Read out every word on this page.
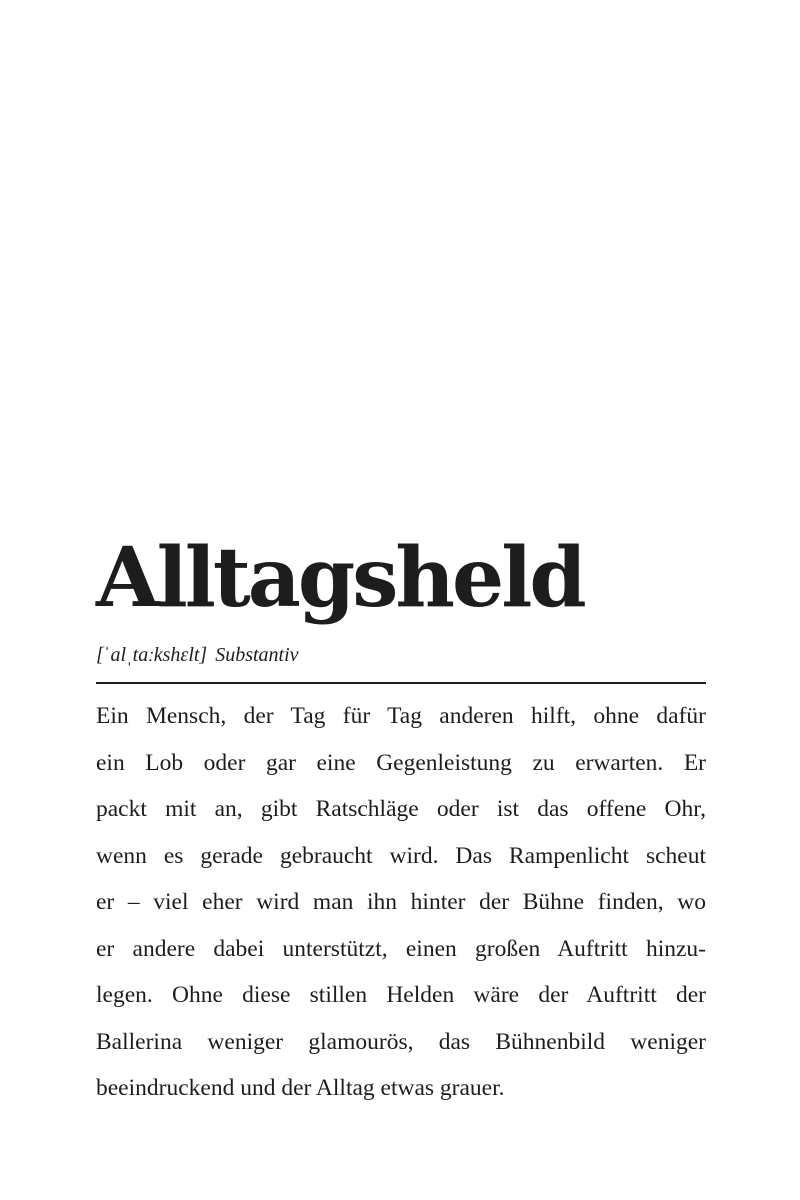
Alltagsheld
[ˈalˌtaːkshɛlt] Substantiv
Ein Mensch, der Tag für Tag anderen hilft, ohne dafür
ein Lob oder gar eine Gegenleistung zu erwarten. Er
packt mit an, gibt Ratschläge oder ist das offene Ohr,
wenn es gerade gebraucht wird. Das Rampenlicht scheut
er – viel eher wird man ihn hinter der Bühne finden, wo
er andere dabei unterstützt, einen großen Auftritt hinzu-
legen. Ohne diese stillen Helden wäre der Auftritt der
Ballerina weniger glamourös, das Bühnenbild weniger
beeindruckend und der Alltag etwas grauer.
